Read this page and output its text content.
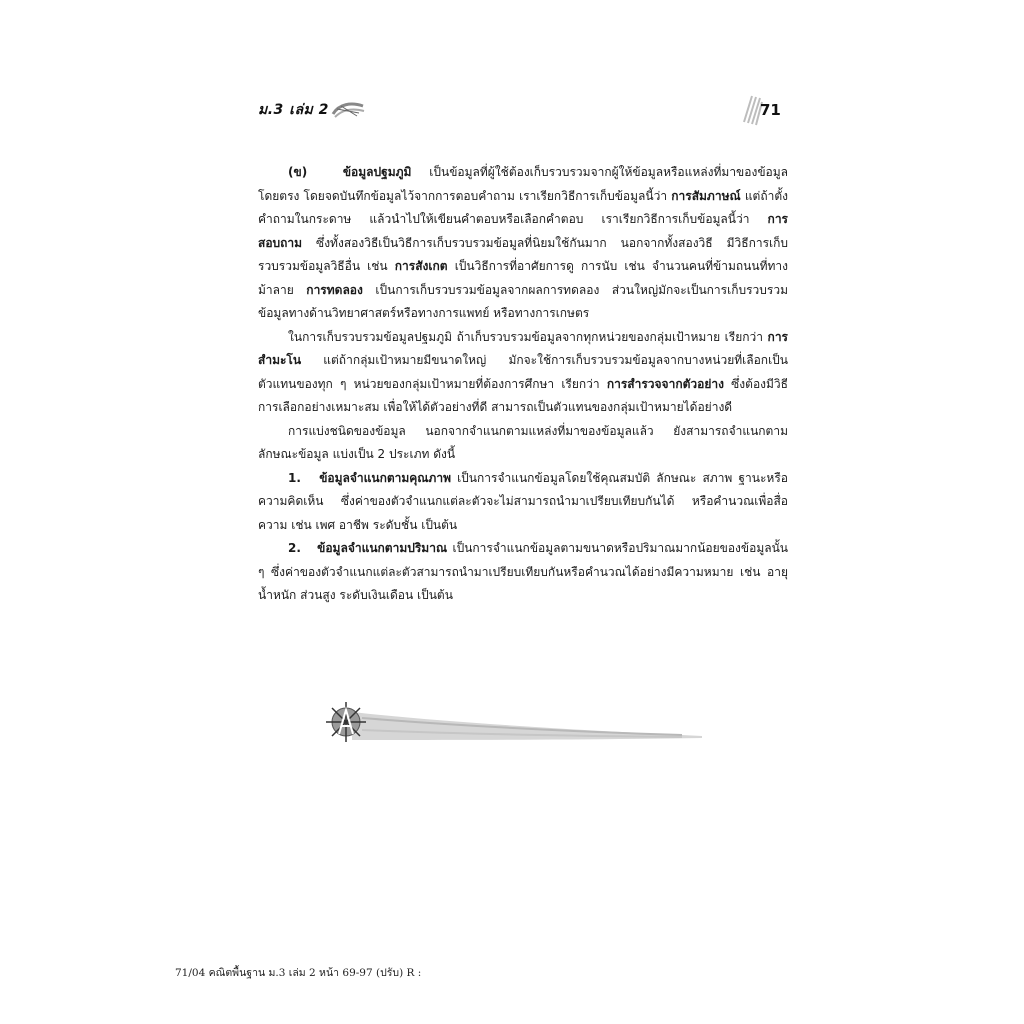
ม.3 เล่ม 2	71

(ข)	ข้อมูลปฐมภูมิ เป็นข้อมูลที่ผู้ใช้ต้องเก็บรวบรวมจากผู้ให้ข้อมูลหรือแหล่งที่มาของข้อมูล โดยตรง โดยจดบันทึกข้อมูลไว้จากการตอบคำถาม เราเรียกวิธีการเก็บข้อมูลนี้ว่า การสัมภาษณ์ แต่ถ้าตั้งคำถามในกระดาษ แล้วนำไปให้เขียนคำตอบหรือเลือกคำตอบ เราเรียกวิธีการเก็บข้อมูลนี้ว่า การสอบถาม ซึ่งทั้งสองวิธีเป็นวิธีการเก็บรวบรวมข้อมูลที่นิยมใช้กันมาก นอกจากทั้งสองวิธี มีวิธีการเก็บรวบรวมข้อมูลวิธีอื่น เช่น การสังเกต เป็นวิธีการที่อาศัยการดู การนับ เช่น จำนวนคนที่ข้ามถนนที่ทางม้าลาย การทดลอง เป็นการเก็บรวบรวมข้อมูลจากผลการทดลอง ส่วนใหญ่มักจะเป็นการเก็บรวบรวมข้อมูลทางด้านวิทยาศาสตร์หรือทางการแพทย์ หรือทางการเกษตร

ในการเก็บรวบรวมข้อมูลปฐมภูมิ ถ้าเก็บรวบรวมข้อมูลจากทุกหน่วยของกลุ่มเป้าหมาย เรียกว่า การสำมะโน แต่ถ้ากลุ่มเป้าหมายมีขนาดใหญ่ มักจะใช้การเก็บรวบรวมข้อมูลจากบางหน่วยที่เลือกเป็นตัวแทนของทุก ๆ หน่วยของกลุ่มเป้าหมายที่ต้องการศึกษา เรียกว่า การสำรวจจากตัวอย่าง ซึ่งต้องมีวิธีการเลือกอย่างเหมาะสม เพื่อให้ได้ตัวอย่างที่ดี สามารถเป็นตัวแทนของกลุ่มเป้าหมายได้อย่างดี

การแบ่งชนิดของข้อมูล นอกจากจำแนกตามแหล่งที่มาของข้อมูลแล้ว ยังสามารถจำแนกตามลักษณะข้อมูล แบ่งเป็น 2 ประเภท ดังนี้

1. ข้อมูลจำแนกตามคุณภาพ เป็นการจำแนกข้อมูลโดยใช้คุณสมบัติ ลักษณะ สภาพ ฐานะหรือความคิดเห็น ซึ่งค่าของตัวจำแนกแต่ละตัวจะไม่สามารถนำมาเปรียบเทียบกันได้ หรือคำนวณเพื่อสื่อความ เช่น เพศ อาชีพ ระดับชั้น เป็นต้น

2. ข้อมูลจำแนกตามปริมาณ เป็นการจำแนกข้อมูลตามขนาดหรือปริมาณมากน้อยของข้อมูลนั้น ๆ ซึ่งค่าของตัวจำแนกแต่ละตัวสามารถนำมาเปรียบเทียบกันหรือคำนวณได้อย่างมีความหมาย เช่น อายุ น้ำหนัก ส่วนสูง ระดับเงินเดือน เป็นต้น

71/04 คณิตพื้นฐาน ม.3 เล่ม 2 หน้า 69-97 (ปรับ) R :
